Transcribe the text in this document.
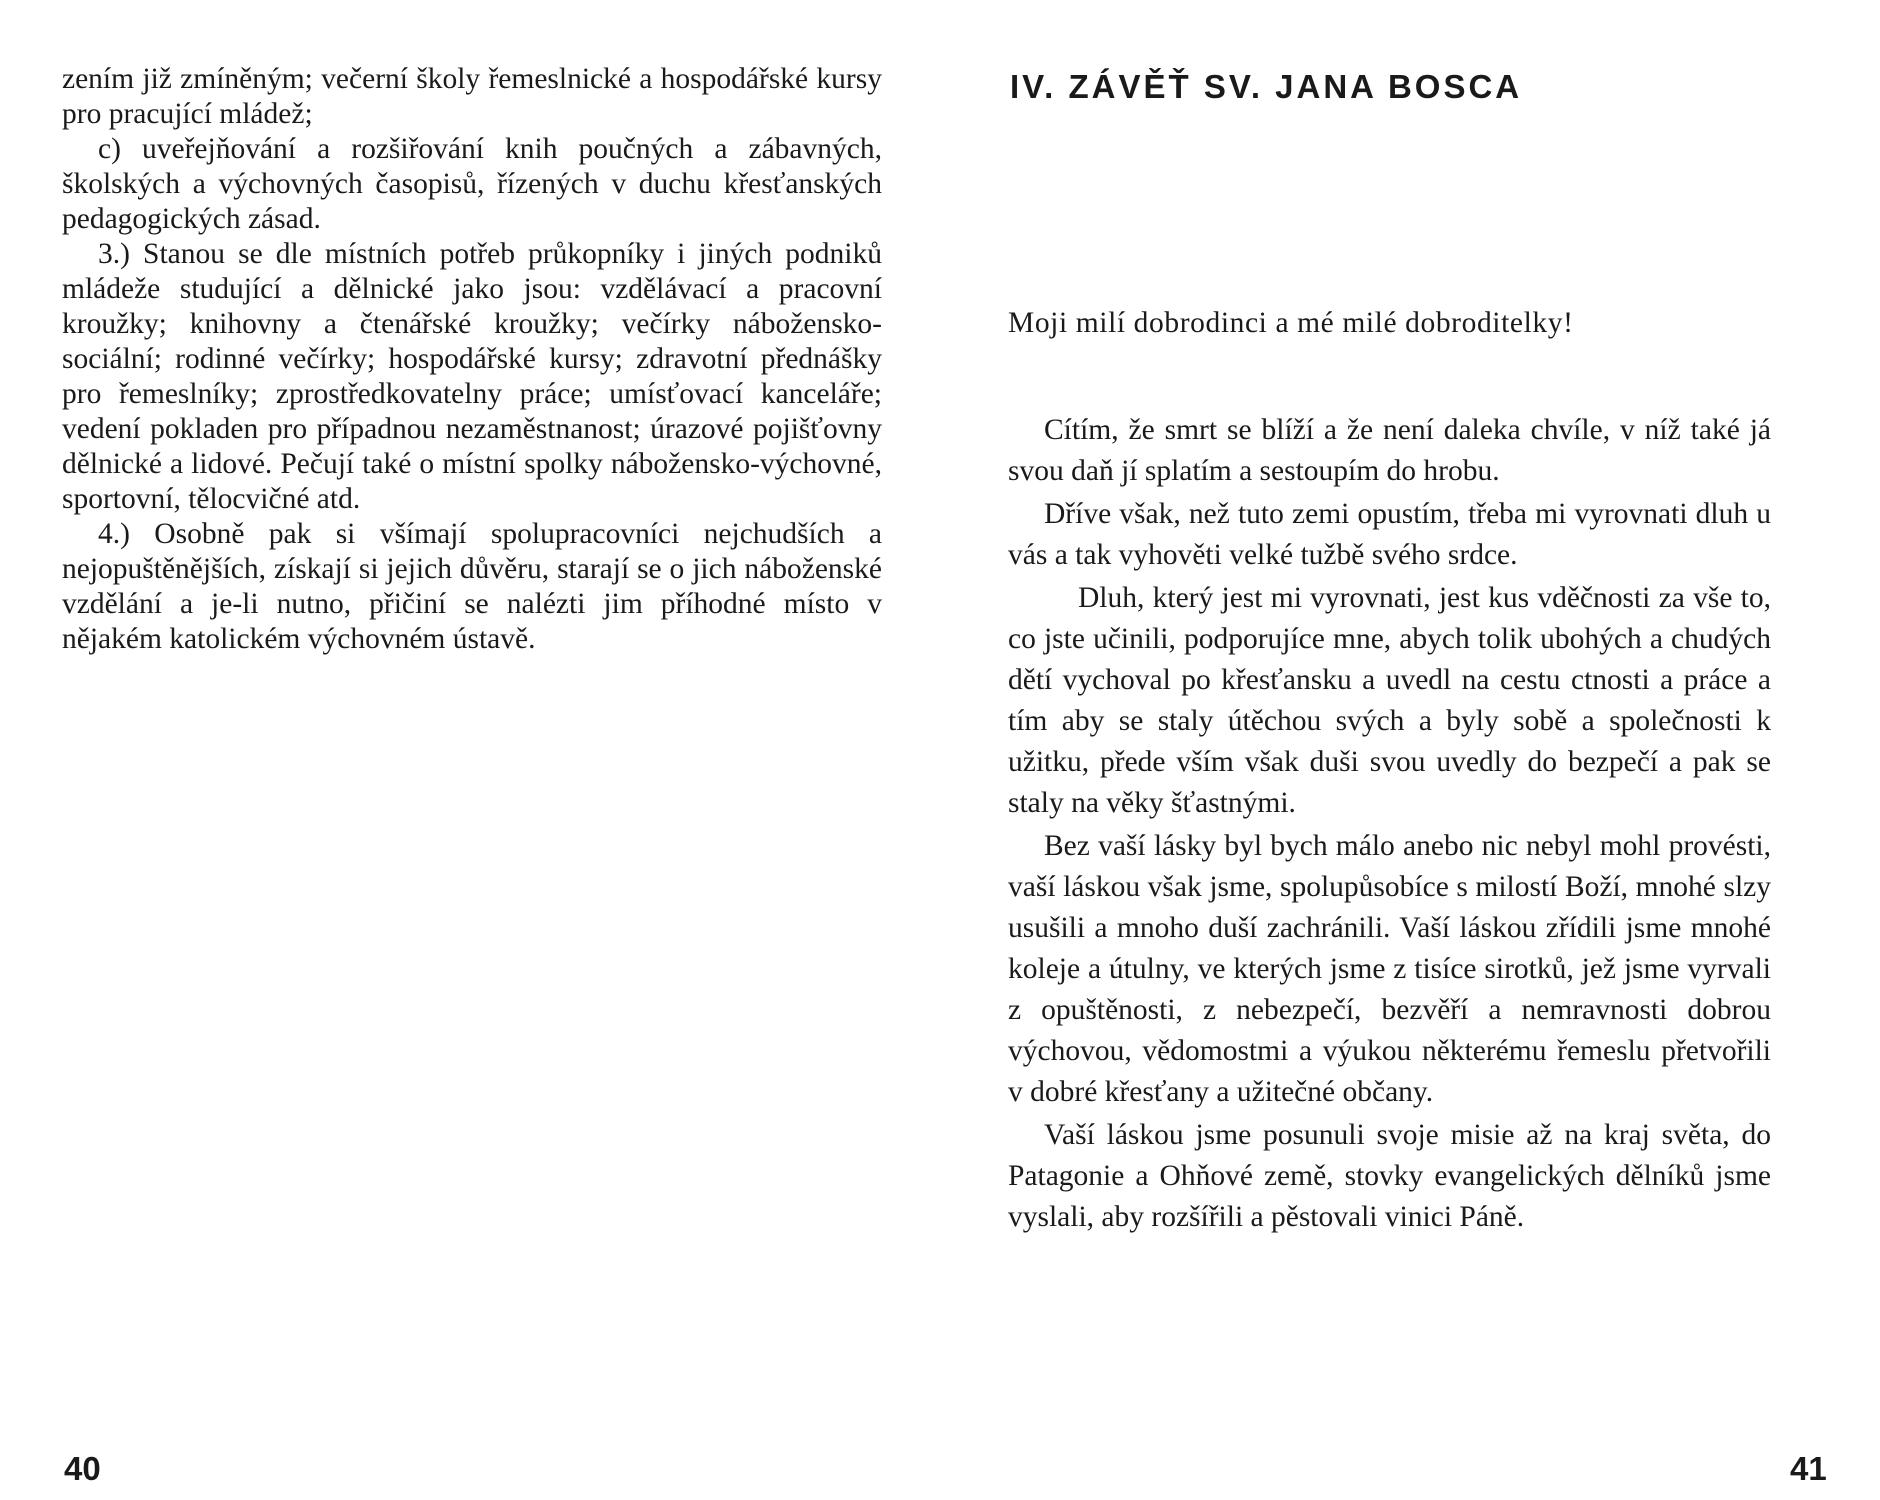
zením již zmíněným; večerní školy řemeslnické a hospodářské kursy pro pracující mládež;

c) uveřejňování a rozšiřování knih poučných a zábavných, školských a výchovných časopisů, řízených v duchu křesťanských pedagogických zásad.

3.) Stanou se dle místních potřeb průkopníky i jiných podniků mládeže studující a dělnické jako jsou: vzdělávací a pracovní kroužky; knihovny a čtenářské kroužky; večírky nábožensko-sociální; rodinné večírky; hospodářské kursy; zdravotní přednášky pro řemeslníky; zprostředkovatelny práce; umísťovací kanceláře; vedení pokladen pro případnou nezaměstnanost; úrazové pojišťovny dělnické a lidové. Pečují také o místní spolky nábožensko-výchovné, sportovní, tělocvičné atd.

4.) Osobně pak si všímají spolupracovníci nejchudších a nejopuštěnějších, získají si jejich důvěru, starají se o jich náboženské vzdělání a je-li nutno, přičiní se nalézti jim příhodné místo v nějakém katolickém výchovném ústavě.

40

IV. ZÁVĚŤ SV. JANA BOSCA

Moji milí dobrodinci a mé milé dobroditelky!

Cítím, že smrt se blíží a že není daleka chvíle, v níž také já svou daň jí splatím a sestoupím do hrobu.

Dříve však, než tuto zemi opustím, třeba mi vyrovnati dluh u vás a tak vyhověti velké tužbě svého srdce.

Dluh, který jest mi vyrovnati, jest kus vděčnosti za vše to, co jste učinili, podporujíce mne, abych tolik ubohých a chudých dětí vychoval po křesťansku a uvedl na cestu ctnosti a práce a tím aby se staly útěchou svých a byly sobě a společnosti k užitku, přede vším však duši svou uvedly do bezpečí a pak se staly na věky šťastnými.

Bez vaší lásky byl bych málo anebo nic nebyl mohl provésti, vaší láskou však jsme, spolupůsobíce s milostí Boží, mnohé slzy usušili a mnoho duší zachránili. Vaší láskou zřídili jsme mnohé koleje a útulny, ve kterých jsme z tisíce sirotků, jež jsme vyrvali z opuštěnosti, z nebezpečí, bezvěří a nemravnosti dobrou výchovou, vědomostmi a výukou některému řemeslu přetvořili v dobré křesťany a užitečné občany.

Vaší láskou jsme posunuli svoje misie až na kraj světa, do Patagonie a Ohňové země, stovky evangelických dělníků jsme vyslali, aby rozšířili a pěstovali vinici Páně.

41
